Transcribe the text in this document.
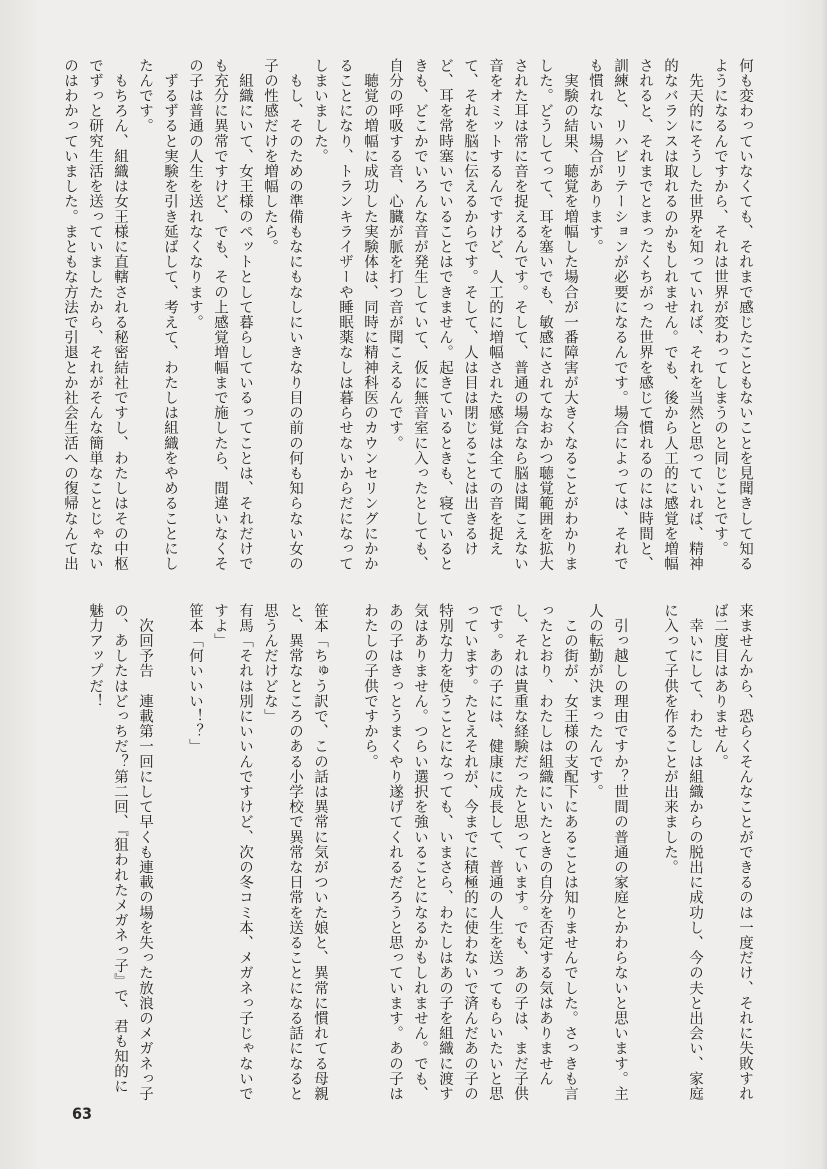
何も変わっていなくても、それまで感じたこともないことを見聞きして知るようになるんですから、それは世界が変わってしまうのと同じことです。
　先天的にそうした世界を知っていれば、それを当然と思っていれば、精神的なバランスは取れるのかもしれません。でも、後から人工的に感覚を増幅されると、それまでとまったくちがった世界を感じて慣れるのには時間と、訓練と、リハビリテーションが必要になるんです。場合によっては、それでも慣れない場合があります。
　実験の結果、聴覚を増幅した場合が一番障害が大きくなることがわかりました。どうしてって、耳を塞いでも、敏感にされてなおかつ聴覚範囲を拡大された耳は常に音を捉えるんです。そして、普通の場合なら脳は聞こえない音をオミットするんですけど、人工的に増幅された感覚は全ての音を捉えて、それを脳に伝えるからです。そして、人は目は閉じることは出きるけど、耳を常時塞いでいることはできません。起きているときも、寝ているときも、どこかでいろんな音が発生していて、仮に無音室に入ったとしても、自分の呼吸する音、心臓が脈を打つ音が聞こえるんです。
　聴覚の増幅に成功した実験体は、同時に精神科医のカウンセリングにかかることになり、トランキライザーや睡眠薬なしは暮らせないからだになってしまいました。
　もし、そのための準備もなにもなしにいきなり目の前の何も知らない女の子の性感だけを増幅したら。
　組織にいて、女王様のペットとして暮らしているってことは、それだけでも充分に異常ですけど、でも、その上感覚増幅まで施したら、間違いなくその子は普通の人生を送れなくなります。
　ずるずると実験を引き延ばして、考えて、わたしは組織をやめることにしたんです。
　もちろん、組織は女王様に直轄される秘密結社ですし、わたしはその中枢でずっと研究生活を送っていましたから、それがそんな簡単なことじゃないのはわかっていました。まともな方法で引退とか社会生活への復帰なんて出
来ませんから、恐らくそんなことができるのは一度だけ、それに失敗すれば二度目はありません。
　幸いにして、わたしは組織からの脱出に成功し、今の夫と出会い、家庭に入って子供を作ることが出来ました。

　引っ越しの理由ですか？世間の普通の家庭とかわらないと思います。主人の転勤が決まったんです。
　この街が、女王様の支配下にあることは知りませんでした。さっきも言ったとおり、わたしは組織にいたときの自分を否定する気はありませんし、それは貴重な経験だったと思っています。でも、あの子は、まだ子供です。あの子には、健康に成長して、普通の人生を送ってもらいたいと思っています。たとえそれが、今までに積極的に使わないで済んだあの子の特別な力を使うことになっても、いまさら、わたしはあの子を組織に渡す気はありません。つらい選択を強いることになるかもしれません。でも、あの子はきっとうまくやり遂げてくれるだろうと思っています。あの子はわたしの子供ですから。

笹本「ちゅう訳で、この話は異常に気がついた娘と、異常に慣れてる母親と、異常なところのある小学校で異常な日常を送ることになる話になると思うんだけどな」
有馬「それは別にいいんですけど、次の冬コミ本、メガネっ子じゃないですよ」
笹本「何いいい！？」

　次回予告　連載第一回にして早くも連載の場を失った放浪のメガネっ子の、あしたはどっちだ？第二回、『狙われたメガネっ子』で、君も知的に魅力アップだ！
63
